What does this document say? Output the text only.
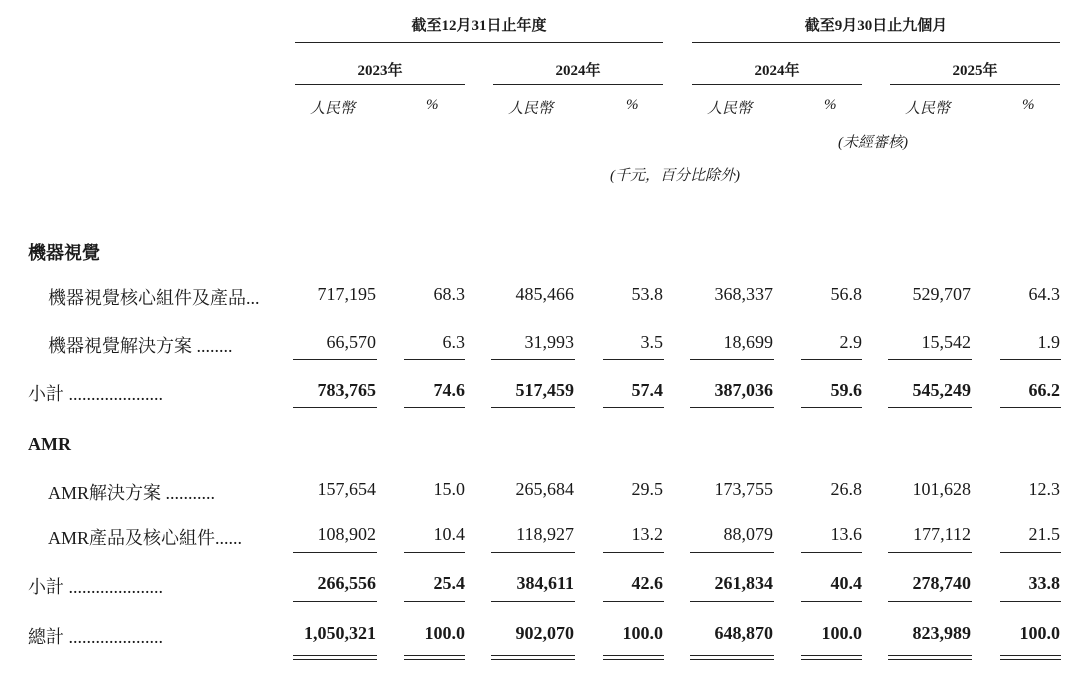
截至12月31日止年度	截至9月30日止九個月
2023年	2024年	2024年	2025年
人民幣	%	人民幣	%	人民幣	%	人民幣	%
(未經審核)
(千元，百分比除外)
機器視覺
機器視覺核心組件及產品...	717,195	68.3	485,466	53.8	368,337	56.8	529,707	64.3
機器視覺解決方案 ........	66,570	6.3	31,993	3.5	18,699	2.9	15,542	1.9
小計 .....................	783,765	74.6	517,459	57.4	387,036	59.6	545,249	66.2
AMR
AMR解決方案 ...........	157,654	15.0	265,684	29.5	173,755	26.8	101,628	12.3
AMR產品及核心組件......	108,902	10.4	118,927	13.2	88,079	13.6	177,112	21.5
小計 .....................	266,556	25.4	384,611	42.6	261,834	40.4	278,740	33.8
總計 .....................	1,050,321	100.0	902,070	100.0	648,870	100.0	823,989	100.0
